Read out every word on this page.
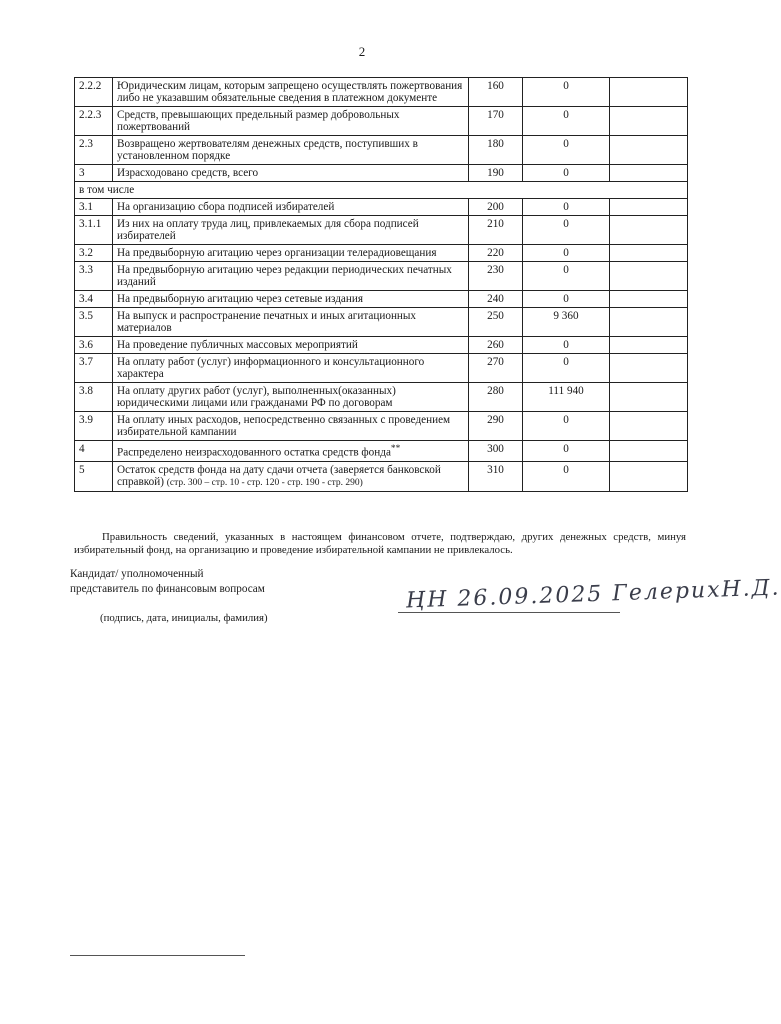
2
2.2.2	Юридическим лицам, которым запрещено осуществлять пожертвования либо не указавшим обязательные сведения в платежном документе	160	0	
2.2.3	Средств, превышающих предельный размер добровольных пожертвований	170	0	
2.3	Возвращено жертвователям денежных средств, поступивших в установленном порядке	180	0	
3	Израсходовано средств, всего	190	0	
в том числе				
3.1	На организацию сбора подписей избирателей	200	0	
3.1.1	Из них на оплату труда лиц, привлекаемых для сбора подписей избирателей	210	0	
3.2	На предвыборную агитацию через организации телерадиовещания	220	0	
3.3	На предвыборную агитацию через редакции периодических печатных изданий	230	0	
3.4	На предвыборную агитацию через сетевые издания	240	0	
3.5	На выпуск и распространение печатных и иных агитационных материалов	250	9 360	
3.6	На проведение публичных массовых мероприятий	260	0	
3.7	На оплату работ (услуг) информационного и консультационного характера	270	0	
3.8	На оплату других работ (услуг), выполненных(оказанных) юридическими лицами или гражданами РФ по договорам	280	111 940	
3.9	На оплату иных расходов, непосредственно связанных с проведением избирательной кампании	290	0	
4	Распределено неизрасходованного остатка средств фонда**	300	0	
5	Остаток средств фонда на дату сдачи отчета (заверяется банковской справкой) (стр. 300 – стр. 10 - стр. 120 - стр. 190 - стр. 290)	310	0	
Правильность сведений, указанных в настоящем финансовом отчете, подтверждаю, других денежных средств, минуя избирательный фонд, на организацию и проведение избирательной кампании не привлекалось.
Кандидат/ уполномоченный
представитель по финансовым вопросам	ҢН 26.09.2025 ГелерихН.Д.
(подпись, дата, инициалы, фамилия)
